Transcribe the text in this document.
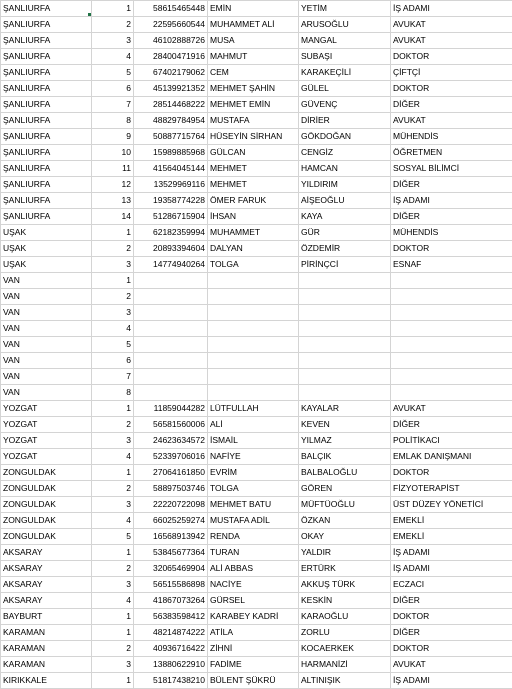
ŞANLIURFA	1	58615465448	EMİN	YETİM	İŞ ADAMI
ŞANLIURFA	2	22595660544	MUHAMMET ALİ	ARUSOĞLU	AVUKAT
ŞANLIURFA	3	46102888726	MUSA	MANGAL	AVUKAT
ŞANLIURFA	4	28400471916	MAHMUT	SUBAŞI	DOKTOR
ŞANLIURFA	5	67402179062	CEM	KARAKEÇİLİ	ÇİFTÇİ
ŞANLIURFA	6	45139921352	MEHMET ŞAHİN	GÜLEL	DOKTOR
ŞANLIURFA	7	28514468222	MEHMET EMİN	GÜVENÇ	DİĞER
ŞANLIURFA	8	48829784954	MUSTAFA	DİRİER	AVUKAT
ŞANLIURFA	9	50887715764	HÜSEYİN SİRHAN	GÖKDOĞAN	MÜHENDİS
ŞANLIURFA	10	15989885968	GÜLCAN	CENGİZ	ÖĞRETMEN
ŞANLIURFA	11	41564045144	MEHMET	HAMCAN	SOSYAL BİLİMCİ
ŞANLIURFA	12	13529969116	MEHMET	YILDIRIM	DİĞER
ŞANLIURFA	13	19358774228	ÖMER FARUK	AİŞEOĞLU	İŞ ADAMI
ŞANLIURFA	14	51286715904	İHSAN	KAYA	DİĞER
UŞAK	1	62182359994	MUHAMMET	GÜR	MÜHENDİS
UŞAK	2	20893394604	DALYAN	ÖZDEMİR	DOKTOR
UŞAK	3	14774940264	TOLGA	PİRİNÇCİ	ESNAF
VAN	1				
VAN	2				
VAN	3				
VAN	4				
VAN	5				
VAN	6				
VAN	7				
VAN	8				
YOZGAT	1	11859044282	LÜTFULLAH	KAYALAR	AVUKAT
YOZGAT	2	56581560006	ALİ	KEVEN	DİĞER
YOZGAT	3	24623634572	İSMAİL	YILMAZ	POLİTİKACI
YOZGAT	4	52339706016	NAFİYE	BALÇIK	EMLAK DANIŞMANI
ZONGULDAK	1	27064161850	EVRİM	BALBALOĞLU	DOKTOR
ZONGULDAK	2	58897503746	TOLGA	GÖREN	FİZYOTERAPİST
ZONGULDAK	3	22220722098	MEHMET BATU	MÜFTÜOĞLU	ÜST DÜZEY YÖNETİCİ
ZONGULDAK	4	66025259274	MUSTAFA ADİL	ÖZKAN	EMEKLİ
ZONGULDAK	5	16568913942	RENDA	OKAY	EMEKLİ
AKSARAY	1	53845677364	TURAN	YALDIR	İŞ ADAMI
AKSARAY	2	32065469904	ALİ ABBAS	ERTÜRK	İŞ ADAMI
AKSARAY	3	56515586898	NACİYE	AKKUŞ TÜRK	ECZACI
AKSARAY	4	41867073264	GÜRSEL	KESKİN	DİĞER
BAYBURT	1	56383598412	KARABEY KADRİ	KARAOĞLU	DOKTOR
KARAMAN	1	48214874222	ATİLA	ZORLU	DİĞER
KARAMAN	2	40936716422	ZİHNİ	KOCAERKEK	DOKTOR
KARAMAN	3	13880622910	FADİME	HARMANİZİ	AVUKAT
KIRIKKALE	1	51817438210	BÜLENT ŞÜKRÜ	ALTINIŞIK	İŞ ADAMI
